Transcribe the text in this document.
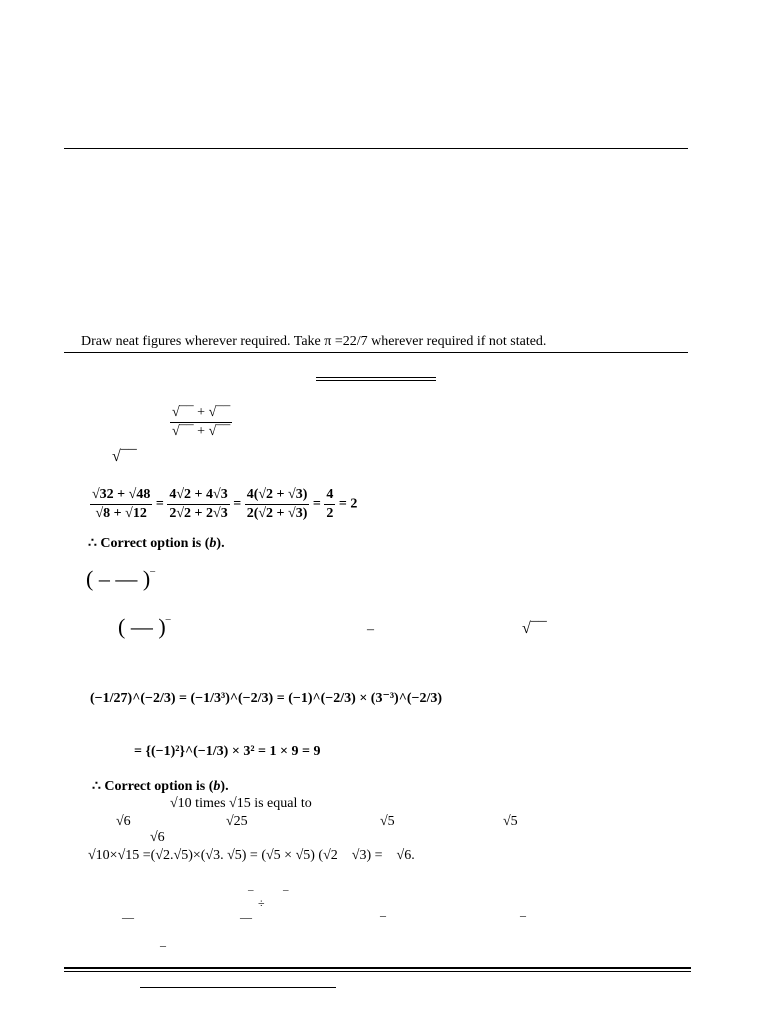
Draw neat figures wherever required. Take π =22/7 wherever required if not stated.
√¯¯ + √¯¯
√¯¯ + √¯¯
√¯¯
$\frac{√32 + √48}{√8 + √12} = \frac{4√2 + 4√3}{2√2 + 2√3} = \frac{4(√2 + √3)}{2(√2 + √3)} = \frac{4}{2} = 2$
∴ Correct option is (b).
( – — )–
( — )–
–	√¯¯
(−1/27)^(−2/3) = (−1/3³)^(−2/3) = (−1)^(−2/3) × (3⁻³)^(−2/3)
= {(−1)²}^(−1/3) × 3² = 1 × 9 = 9
∴ Correct option is (b).
√10 times √15 is equal to
√6	√25	√5	√5
√6
√10×√15 =(√2.√5)×(√3. √5) = (√5 × √5) (√2    √3) =    √6.
–
÷
–
—	—	–	–
–
